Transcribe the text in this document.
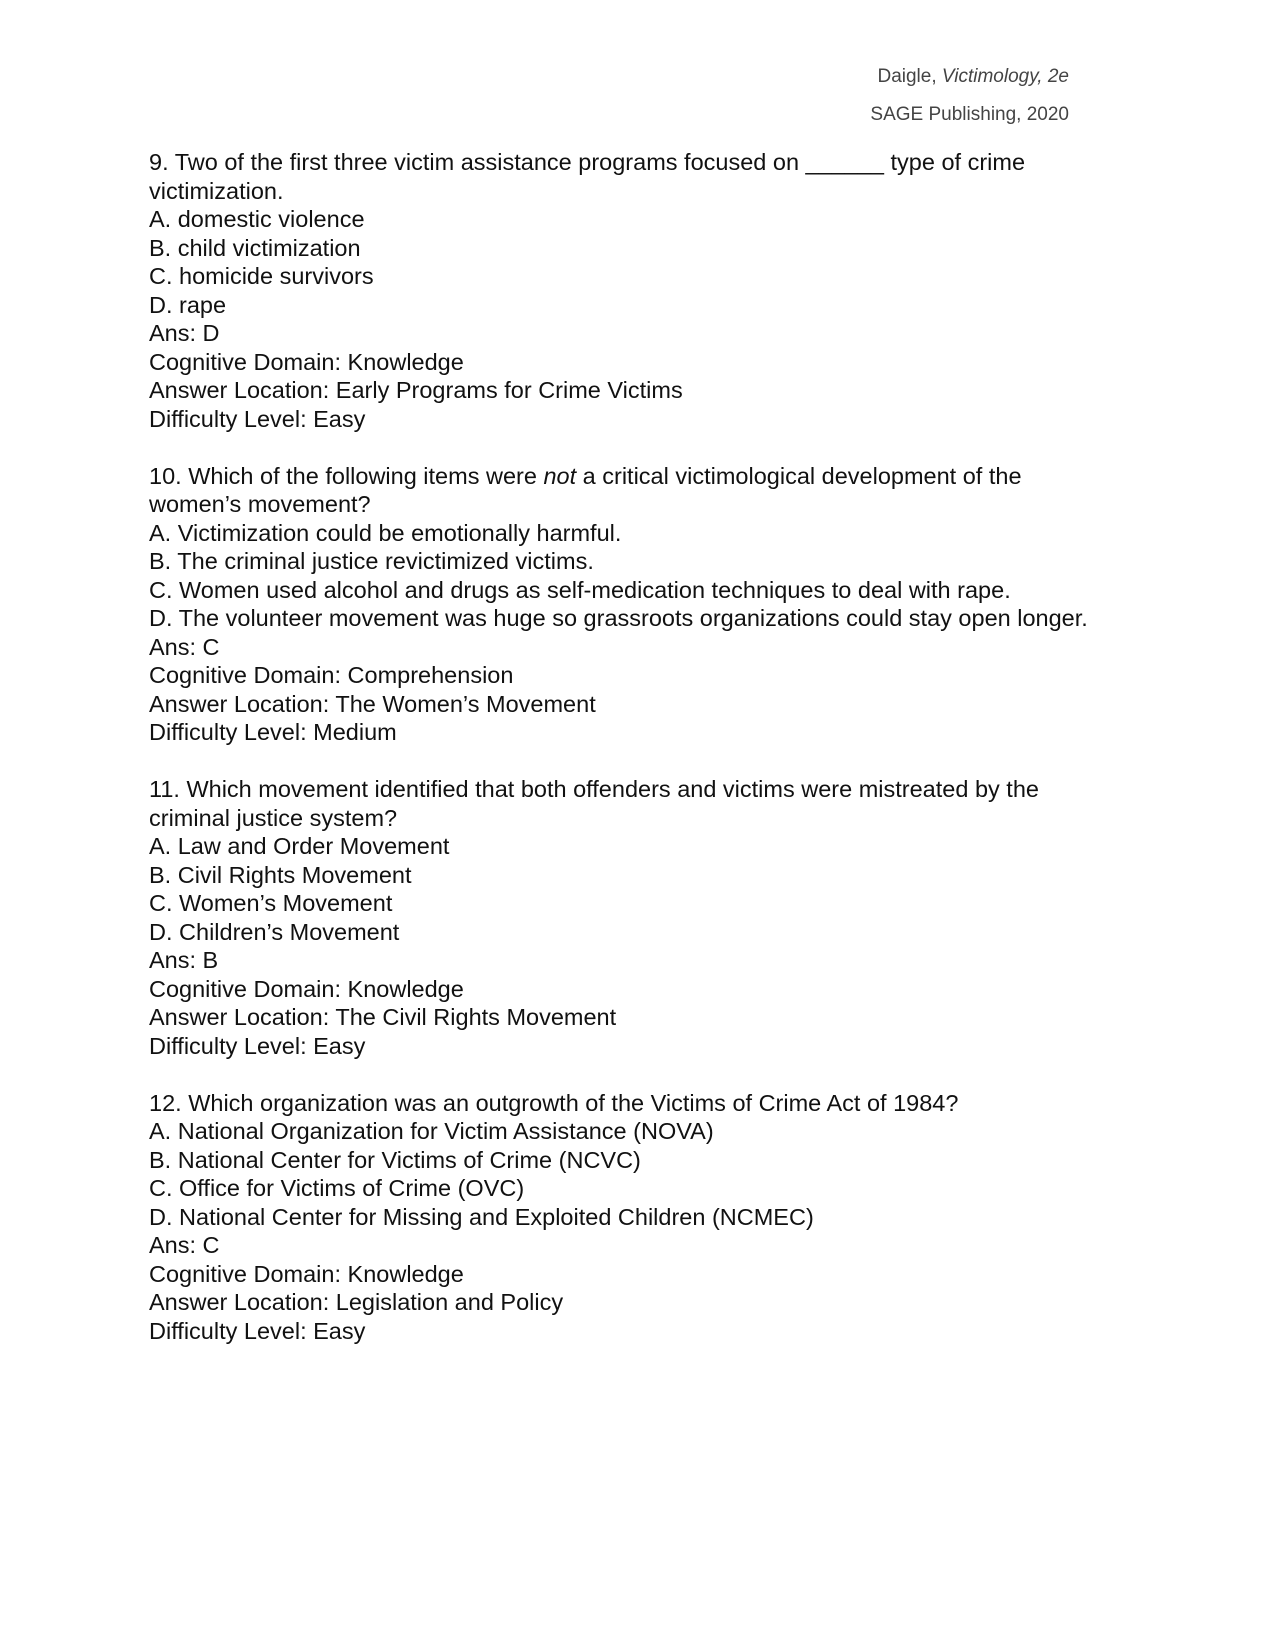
Daigle, Victimology, 2e
SAGE Publishing, 2020
9. Two of the first three victim assistance programs focused on ______ type of crime victimization.
A. domestic violence
B. child victimization
C. homicide survivors
D. rape
Ans: D
Cognitive Domain: Knowledge
Answer Location: Early Programs for Crime Victims
Difficulty Level: Easy
10. Which of the following items were not a critical victimological development of the women’s movement?
A. Victimization could be emotionally harmful.
B. The criminal justice revictimized victims.
C. Women used alcohol and drugs as self-medication techniques to deal with rape.
D. The volunteer movement was huge so grassroots organizations could stay open longer.
Ans: C
Cognitive Domain: Comprehension
Answer Location: The Women’s Movement
Difficulty Level: Medium
11. Which movement identified that both offenders and victims were mistreated by the criminal justice system?
A. Law and Order Movement
B. Civil Rights Movement
C. Women’s Movement
D. Children’s Movement
Ans: B
Cognitive Domain: Knowledge
Answer Location: The Civil Rights Movement
Difficulty Level: Easy
12. Which organization was an outgrowth of the Victims of Crime Act of 1984?
A. National Organization for Victim Assistance (NOVA)
B. National Center for Victims of Crime (NCVC)
C. Office for Victims of Crime (OVC)
D. National Center for Missing and Exploited Children (NCMEC)
Ans: C
Cognitive Domain: Knowledge
Answer Location: Legislation and Policy
Difficulty Level: Easy
